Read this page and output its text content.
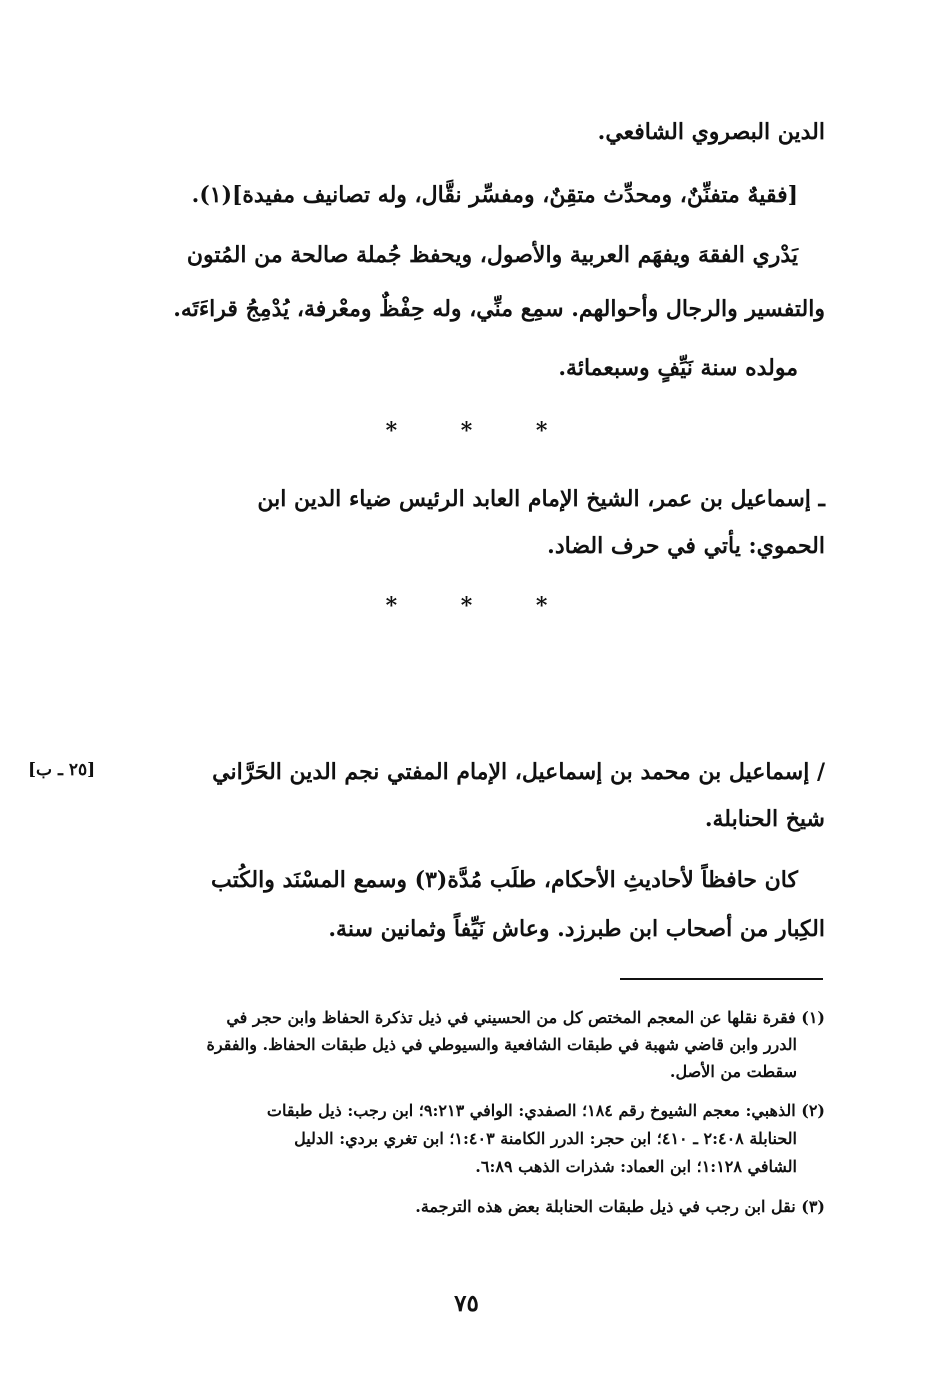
الدين البصروي الشافعي.
[فقيهٌ متفنِّنٌ، ومحدِّث متقِنٌ، ومفسِّر نقَّال، وله تصانيف مفيدة](١).
يَدْري الفقهَ ويفهَم العربية والأصول، ويحفظ جُملة صالحة من المُتون
والتفسير والرجال وأحوالهم. سمِع منِّي، وله حِفْظٌ ومعْرفة، يُدْمِجُ قراءَتَه.
مولده سنة نَيِّفٍ وسبعمائة.
* * *
ـ إسماعيل بن عمر، الشيخ الإمام العابد الرئيس ضياء الدين ابن
الحموي: يأتي في حرف الضاد.
* * *
/ إسماعيل بن محمد بن إسماعيل، الإمام المفتي نجم الدين الحَرَّاني
[٢٥ ـ ب]
شيخ الحنابلة.
كان حافظاً لأحاديثِ الأحكام، طلَب مُدَّة(٣) وسمع المسْنَد والكُتب
الكِبار من أصحاب ابن طبرزد. وعاش نَيِّفاً وثمانين سنة.
(١) فقرة نقلها عن المعجم المختص كل من الحسيني في ذيل تذكرة الحفاظ وابن حجر في
الدرر وابن قاضي شهبة في طبقات الشافعية والسيوطي في ذيل طبقات الحفاظ. والفقرة
سقطت من الأصل.
(٢) الذهبي: معجم الشيوخ رقم ١٨٤؛ الصفدي: الوافي ٩:٢١٣؛ ابن رجب: ذيل طبقات
الحنابلة ٢:٤٠٨ ـ ٤١٠؛ ابن حجر: الدرر الكامنة ١:٤٠٣؛ ابن تغري بردي: الدليل
الشافي ١:١٢٨؛ ابن العماد: شذرات الذهب ٦:٨٩.
(٣) نقل ابن رجب في ذيل طبقات الحنابلة بعض هذه الترجمة.
٧٥
